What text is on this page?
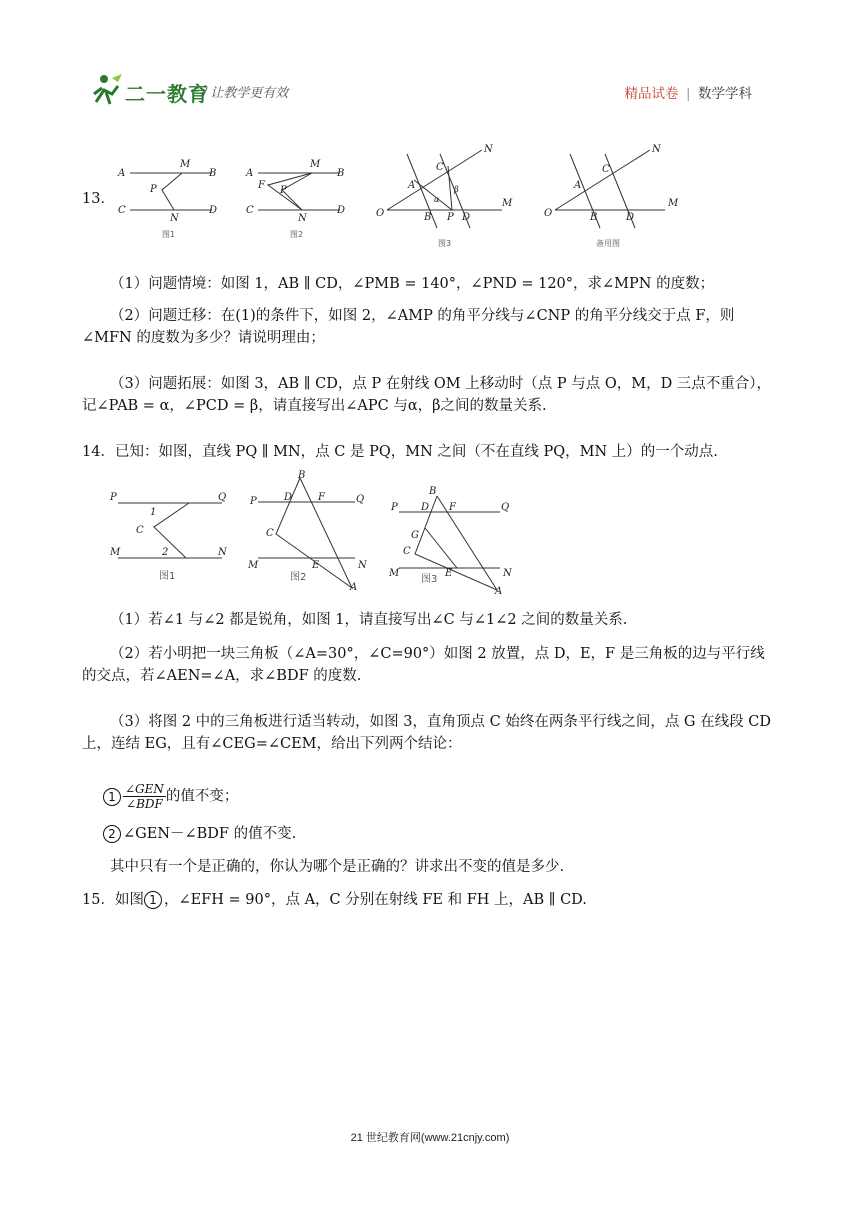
二一教育
/ 让教学更有效	精品试卷 | 数学学科
13．
A	B
M
P
C	D
N
图1
A	B
M
F P
C	D
N
图2
O
N
M
A
C
B P D
α
β
图3
O
N
M
A
C
B	D
备用图
（1）问题情境：如图 1，AB ∥ CD，∠PMB = 140°，∠PND = 120°，求∠MPN 的度数；
（2）问题迁移：在(1)的条件下，如图 2，∠AMP 的角平分线与∠CNP 的角平分线交于点 F，则∠MFN 的度数为多少？请说明理由；
（3）问题拓展：如图 3，AB ∥ CD，点 P 在射线 OM 上移动时（点 P 与点 O，M，D 三点不重合），记∠PAB = α，∠PCD = β，请直接写出∠APC 与α，β之间的数量关系.
14．已知：如图，直线 PQ ∥ MN，点 C 是 PQ，MN 之间（不在直线 PQ，MN 上）的一个动点.
P	Q
C
1
2
M	N
图1
B
P	D	F	Q
C
M	E	N
A
图2
B
P D F	Q
G
C
M	E	N
A
图3
（1）若∠1 与∠2 都是锐角，如图 1，请直接写出∠C 与∠1∠2 之间的数量关系.
（2）若小明把一块三角板（∠A=30°，∠C=90°）如图 2 放置，点 D，E，F 是三角板的边与平行线的交点，若∠AEN=∠A，求∠BDF 的度数.
（3）将图 2 中的三角板进行适当转动，如图 3，直角顶点 C 始终在两条平行线之间，点 G 在线段 CD 上，连结 EG，且有∠CEG=∠CEM，给出下列两个结论：
$1 \frac{\text{∠GEN}}{\text{∠BDF}}$ 的值不变；
2 ∠GEN－∠BDF 的值不变.
其中只有一个是正确的，你认为哪个是正确的？讲求出不变的值是多少.
15．如图 1 ，∠EFH = 90°，点 A，C 分别在射线 FE 和 FH 上，AB ∥ CD.
21 世纪教育网(www.21cnjy.com)
